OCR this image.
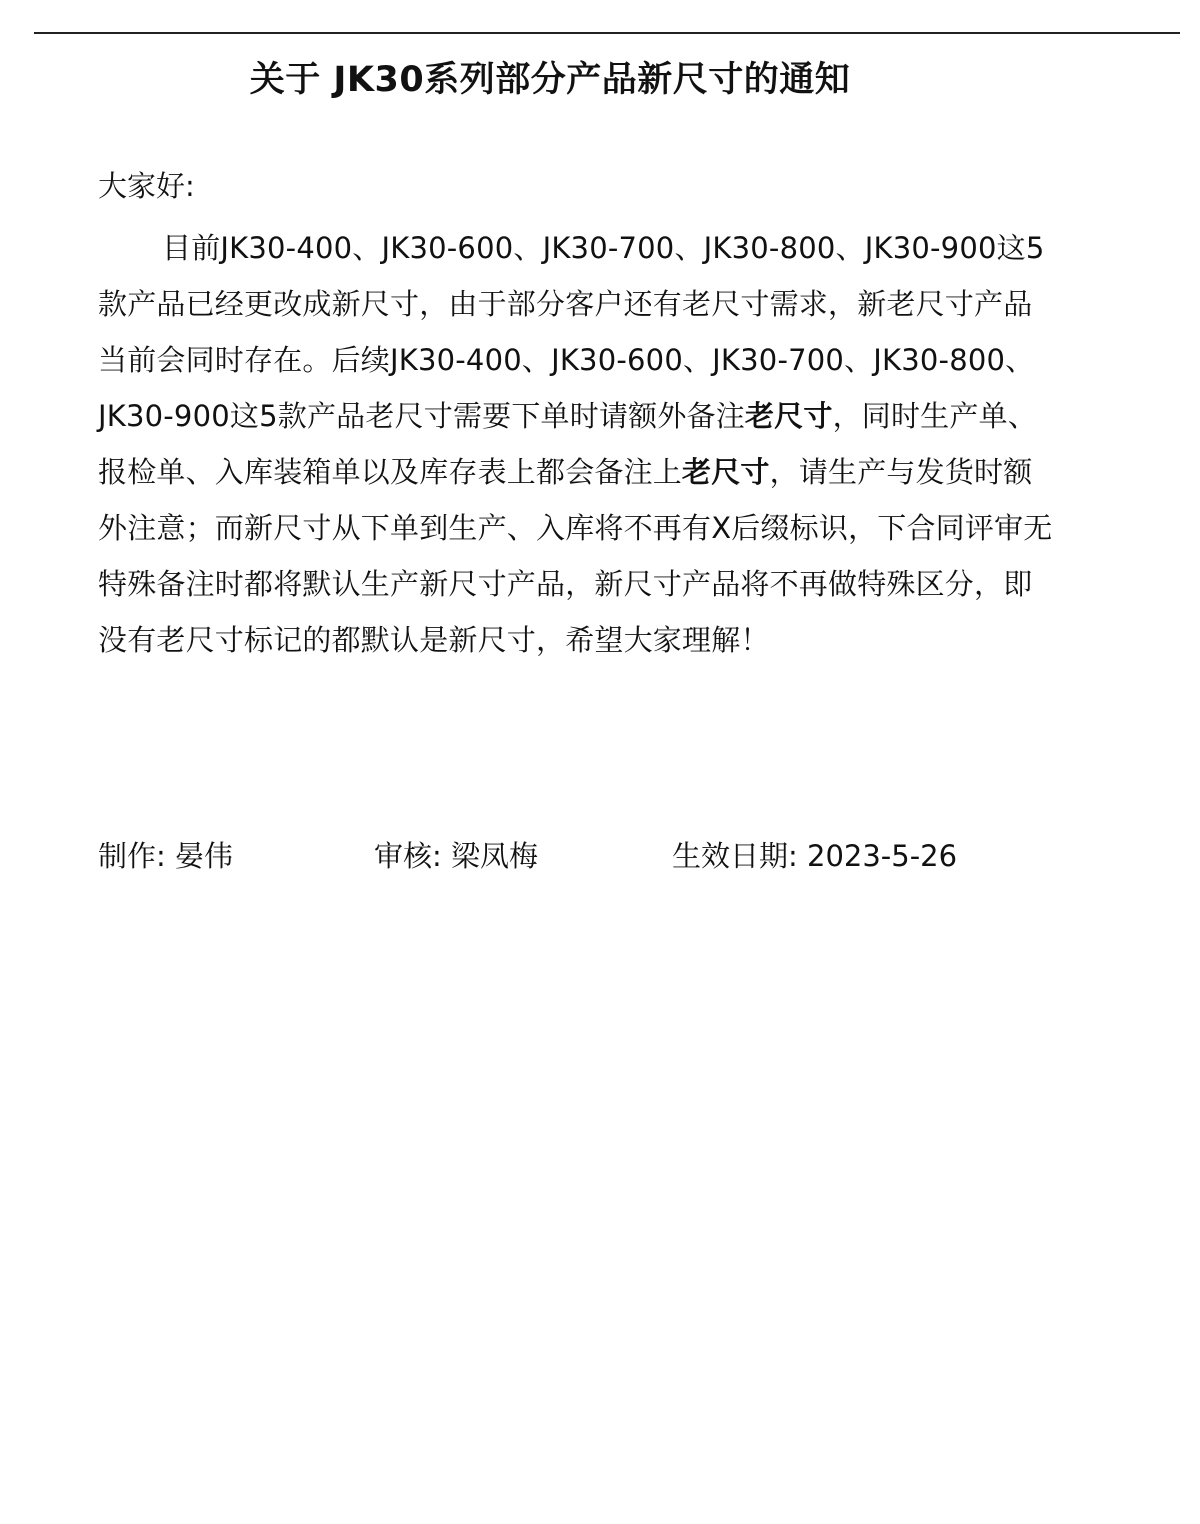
关于 JK30系列部分产品新尺寸的通知
大家好:
目前JK30-400、JK30-600、JK30-700、JK30-800、JK30-900这5
款产品已经更改成新尺寸，由于部分客户还有老尺寸需求，新老尺寸产品
当前会同时存在。后续JK30-400、JK30-600、JK30-700、JK30-800、
JK30-900这5款产品老尺寸需要下单时请额外备注老尺寸，同时生产单、
报检单、入库装箱单以及库存表上都会备注上老尺寸，请生产与发货时额
外注意；而新尺寸从下单到生产、入库将不再有X后缀标识，下合同评审无
特殊备注时都将默认生产新尺寸产品，新尺寸产品将不再做特殊区分，即
没有老尺寸标记的都默认是新尺寸，希望大家理解！
制作: 晏伟	审核: 梁凤梅	生效日期: 2023-5-26
